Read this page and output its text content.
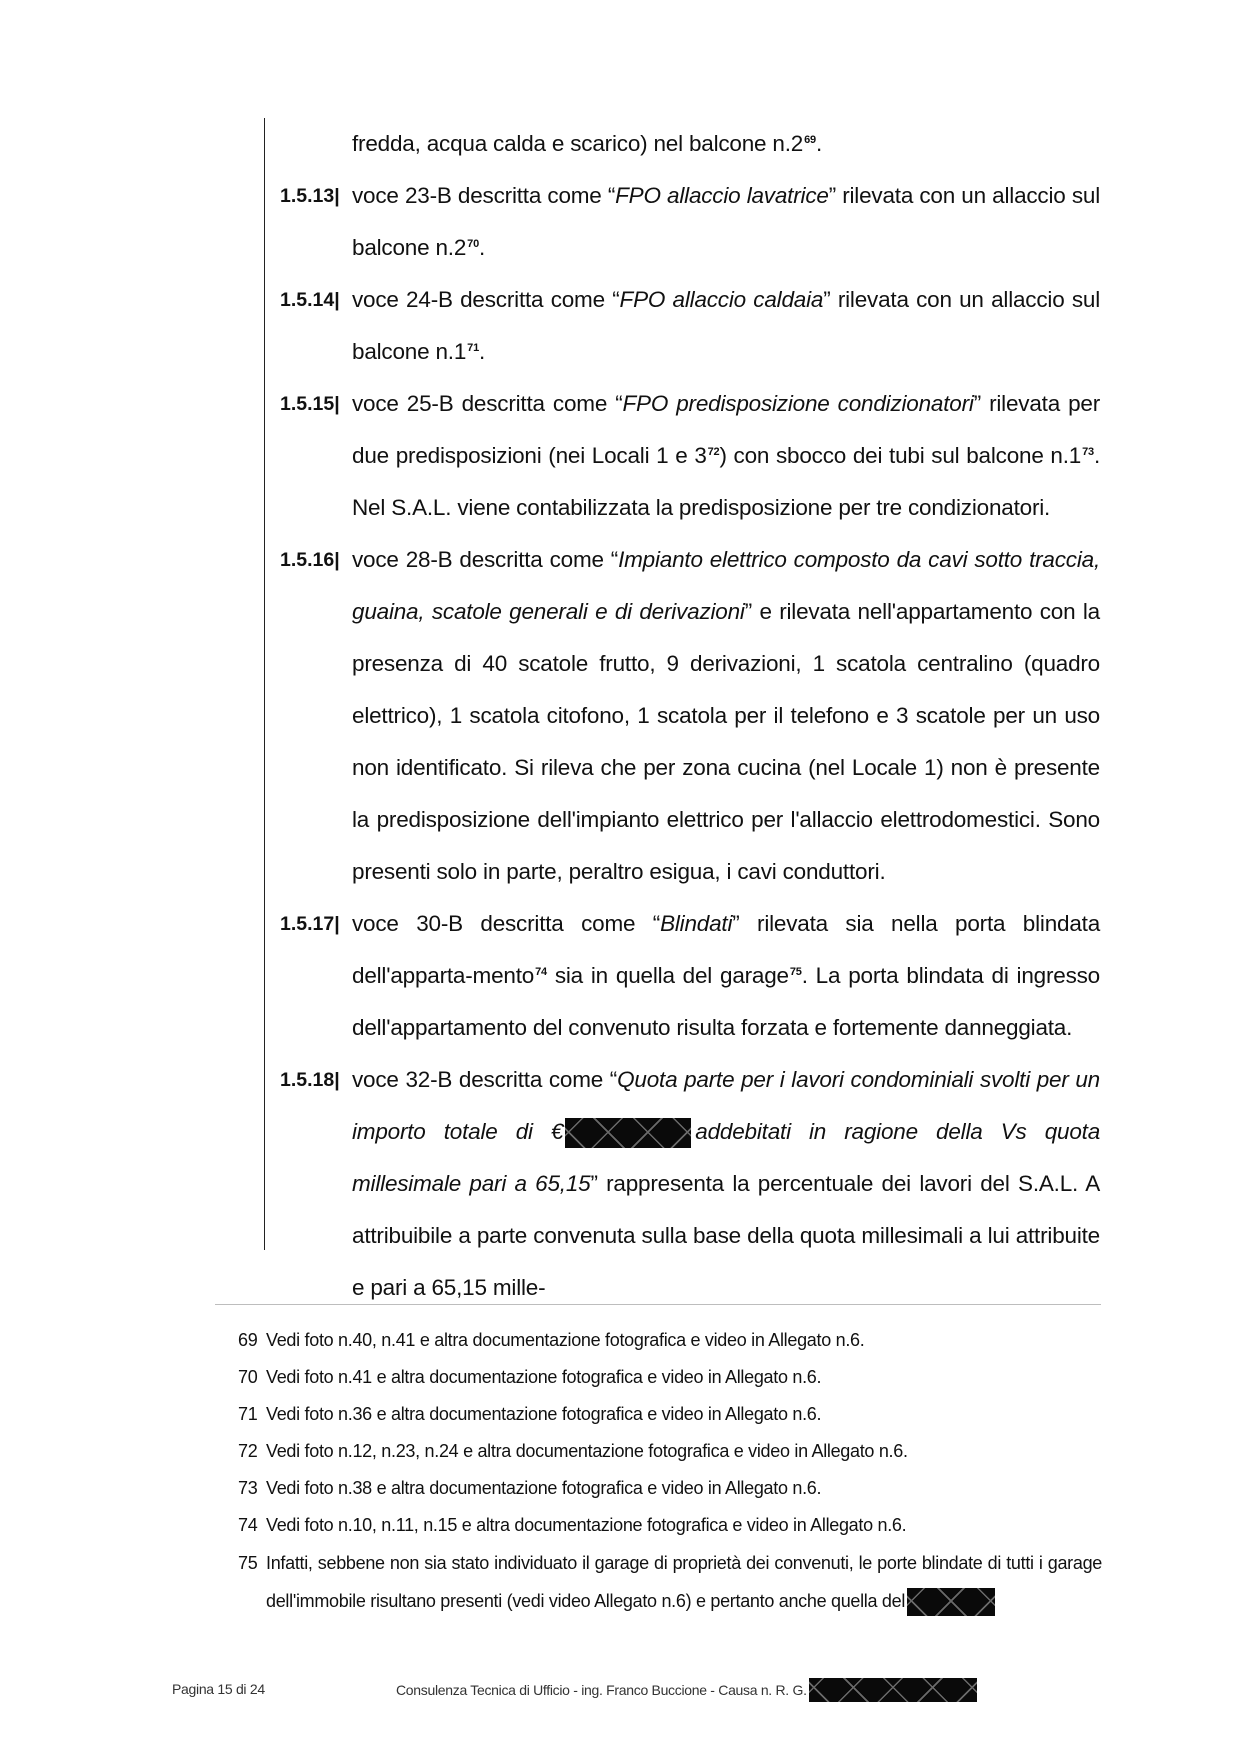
fredda, acqua calda e scarico) nel balcone n.2$^{69}$.
1.5.13| voce 23-B descritta come “FPO allaccio lavatrice” rilevata con un allaccio sul balcone n.2$^{70}$.
1.5.14| voce 24-B descritta come “FPO allaccio caldaia” rilevata con un allaccio sul balcone n.1$^{71}$.
1.5.15| voce 25-B descritta come “FPO predisposizione condizionatori” rilevata per due predisposizioni (nei Locali 1 e 3$^{72}$) con sbocco dei tubi sul balcone n.1$^{73}$. Nel S.A.L. viene contabilizzata la predisposizione per tre condizionatori.
1.5.16| voce 28-B descritta come “Impianto elettrico composto da cavi sotto traccia, guaina, scatole generali e di derivazioni” e rilevata nell'appartamento con la presenza di 40 scatole frutto, 9 derivazioni, 1 scatola centralino (quadro elettrico), 1 scatola citofono, 1 scatola per il telefono e 3 scatole per un uso non identificato. Si rileva che per zona cucina (nel Locale 1) non è presente la predisposizione dell'impianto elettrico per l'allaccio elettrodomestici. Sono presenti solo in parte, peraltro esigua, i cavi conduttori.
1.5.17| voce 30-B descritta come “Blindati” rilevata sia nella porta blindata dell'apparta-mento$^{74}$ sia in quella del garage$^{75}$. La porta blindata di ingresso dell'appartamento del convenuto risulta forzata e fortemente danneggiata.
1.5.18| voce 32-B descritta come “Quota parte per i lavori condominiali svolti per un importo totale di €	addebitati in ragione della Vs quota millesimale pari a 65,15” rappresenta la percentuale dei lavori del S.A.L. A attribuibile a parte convenuta sulla base della quota millesimali a lui attribuite e pari a 65,15 mille-
69 Vedi foto n.40, n.41 e altra documentazione fotografica e video in Allegato n.6.
70 Vedi foto n.41 e altra documentazione fotografica e video in Allegato n.6.
71 Vedi foto n.36 e altra documentazione fotografica e video in Allegato n.6.
72 Vedi foto n.12, n.23, n.24 e altra documentazione fotografica e video in Allegato n.6.
73 Vedi foto n.38 e altra documentazione fotografica e video in Allegato n.6.
74 Vedi foto n.10, n.11, n.15 e altra documentazione fotografica e video in Allegato n.6.
75 Infatti, sebbene non sia stato individuato il garage di proprietà dei convenuti, le porte blindate di tutti i garage dell'immobile risultano presenti (vedi video Allegato n.6) e pertanto anche quella del
Pagina 15 di 24	Consulenza Tecnica di Ufficio - ing. Franco Buccione - Causa n. R. G.
